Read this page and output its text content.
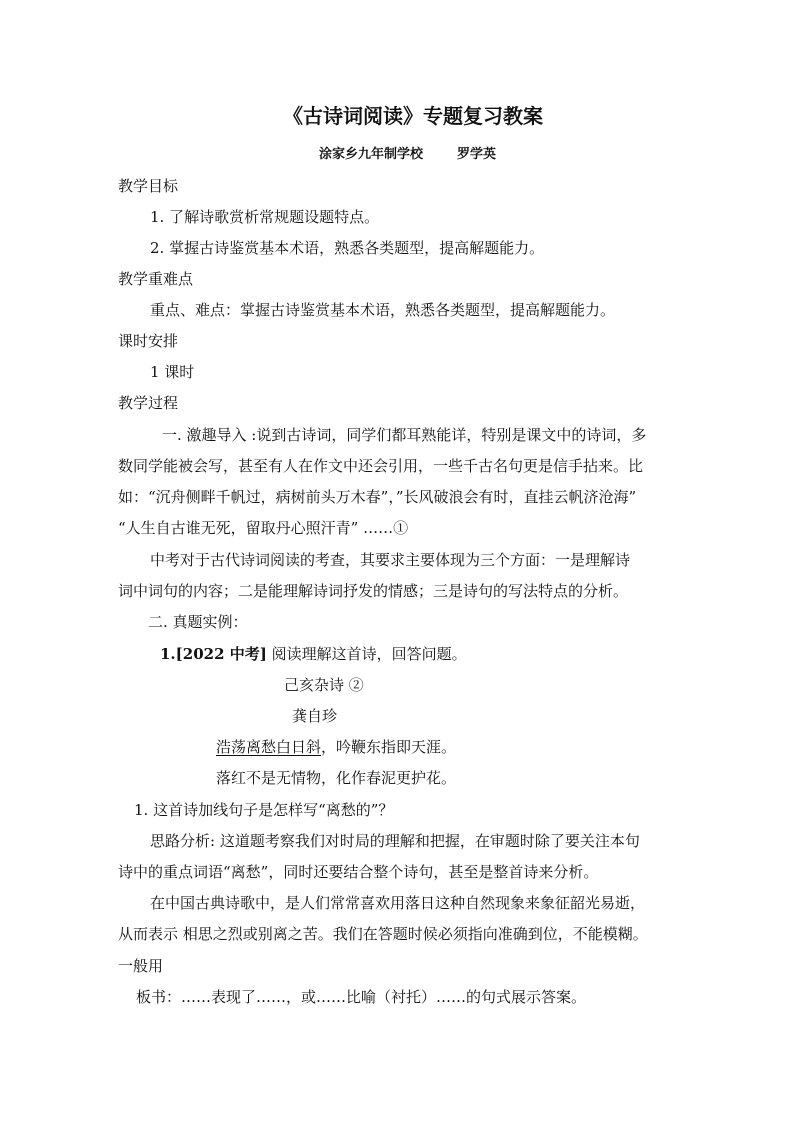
《古诗词阅读》专题复习教案
涂家乡九年制学校	罗学英
教学目标
1. 了解诗歌赏析常规题设题特点。
2. 掌握古诗鉴赏基本术语，熟悉各类题型，提高解题能力。
教学重难点
重点、难点：掌握古诗鉴赏基本术语，熟悉各类题型，提高解题能力。
课时安排
1 课时
教学过程
一. 激趣导入 :说到古诗词，同学们都耳熟能详，特别是课文中的诗词，多
数同学能被会写，甚至有人在作文中还会引用，一些千古名句更是信手拈来。比
如：“沉舟侧畔千帆过，病树前头万木春”，”长风破浪会有时，直挂云帆济沧海”
“人生自古谁无死，留取丹心照汗青” ……①
中考对于古代诗词阅读的考查，其要求主要体现为三个方面：一是理解诗
词中词句的内容；二是能理解诗词抒发的情感；三是诗句的写法特点的分析。
二. 真题实例：
1.[2022 中考] 阅读理解这首诗，回答问题。
己亥杂诗 ②
龚自珍
浩荡离愁白日斜，吟鞭东指即天涯。
落红不是无情物，化作春泥更护花。
1. 这首诗加线句子是怎样写“离愁的”？
思路分析: 这道题考察我们对时局的理解和把握，在审题时除了要关注本句
诗中的重点词语“离愁”，同时还要结合整个诗句，甚至是整首诗来分析。
在中国古典诗歌中，是人们常常喜欢用落日这种自然现象来象征韶光易逝，
从而表示 相思之烈或别离之苦。我们在答题时候必须指向准确到位，不能模糊。
一般用
板书：……表现了……，或……比喻（衬托）……的句式展示答案。
